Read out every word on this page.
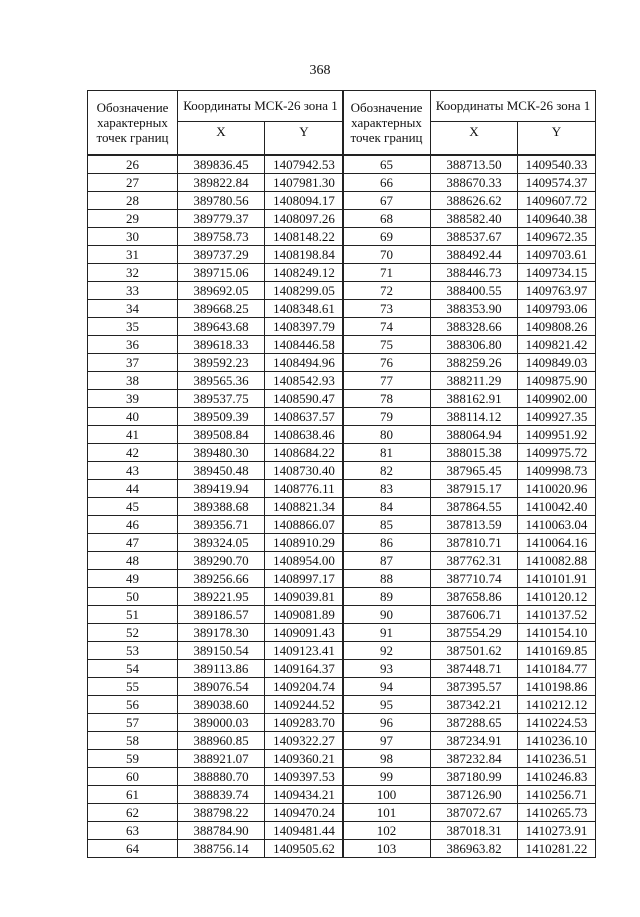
368
Обозначение характерных точек границ	Координаты МСК-26 зона 1	
	X	Y
26	389836.45	1407942.53
27	389822.84	1407981.30
28	389780.56	1408094.17
29	389779.37	1408097.26
30	389758.73	1408148.22
31	389737.29	1408198.84
32	389715.06	1408249.12
33	389692.05	1408299.05
34	389668.25	1408348.61
35	389643.68	1408397.79
36	389618.33	1408446.58
37	389592.23	1408494.96
38	389565.36	1408542.93
39	389537.75	1408590.47
40	389509.39	1408637.57
41	389508.84	1408638.46
42	389480.30	1408684.22
43	389450.48	1408730.40
44	389419.94	1408776.11
45	389388.68	1408821.34
46	389356.71	1408866.07
47	389324.05	1408910.29
48	389290.70	1408954.00
49	389256.66	1408997.17
50	389221.95	1409039.81
51	389186.57	1409081.89
52	389178.30	1409091.43
53	389150.54	1409123.41
54	389113.86	1409164.37
55	389076.54	1409204.74
56	389038.60	1409244.52
57	389000.03	1409283.70
58	388960.85	1409322.27
59	388921.07	1409360.21
60	388880.70	1409397.53
61	388839.74	1409434.21
62	388798.22	1409470.24
63	388784.90	1409481.44
64	388756.14	1409505.62
Обозначение характерных точек границ	Координаты МСК-26 зона 1	
	X	Y
65	388713.50	1409540.33
66	388670.33	1409574.37
67	388626.62	1409607.72
68	388582.40	1409640.38
69	388537.67	1409672.35
70	388492.44	1409703.61
71	388446.73	1409734.15
72	388400.55	1409763.97
73	388353.90	1409793.06
74	388328.66	1409808.26
75	388306.80	1409821.42
76	388259.26	1409849.03
77	388211.29	1409875.90
78	388162.91	1409902.00
79	388114.12	1409927.35
80	388064.94	1409951.92
81	388015.38	1409975.72
82	387965.45	1409998.73
83	387915.17	1410020.96
84	387864.55	1410042.40
85	387813.59	1410063.04
86	387810.71	1410064.16
87	387762.31	1410082.88
88	387710.74	1410101.91
89	387658.86	1410120.12
90	387606.71	1410137.52
91	387554.29	1410154.10
92	387501.62	1410169.85
93	387448.71	1410184.77
94	387395.57	1410198.86
95	387342.21	1410212.12
96	387288.65	1410224.53
97	387234.91	1410236.10
98	387232.84	1410236.51
99	387180.99	1410246.83
100	387126.90	1410256.71
101	387072.67	1410265.73
102	387018.31	1410273.91
103	386963.82	1410281.22
